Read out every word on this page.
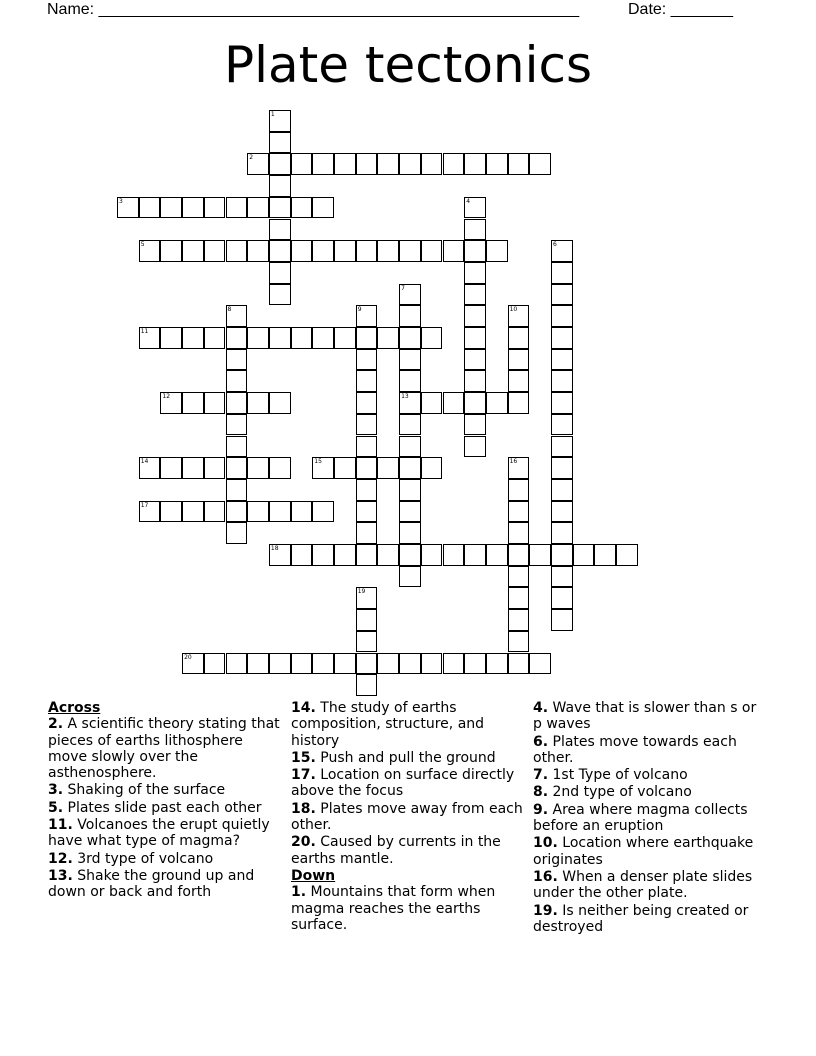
Name: ______________________________________________________	Date: _______
Plate tectonics
1
2
3	4
5	6
7
13
8	9	10
11
12
14	15	16
17
18
19
20
Across
2. A scientific theory stating that pieces of earths lithosphere move slowly over the asthenosphere.
3. Shaking of the surface
5. Plates slide past each other
11. Volcanoes the erupt quietly have what type of magma?
12. 3rd type of volcano
13. Shake the ground up and down or back and forth
14. The study of earths composition, structure, and history
15. Push and pull the ground
17. Location on surface directly above the focus
18. Plates move away from each other.
20. Caused by currents in the earths mantle.
Down
1. Mountains that form when magma reaches the earths surface.
4. Wave that is slower than s or p waves
6. Plates move towards each other.
7. 1st Type of volcano
8. 2nd type of volcano
9. Area where magma collects before an eruption
10. Location where earthquake originates
16. When a denser plate slides under the other plate.
19. Is neither being created or destroyed
